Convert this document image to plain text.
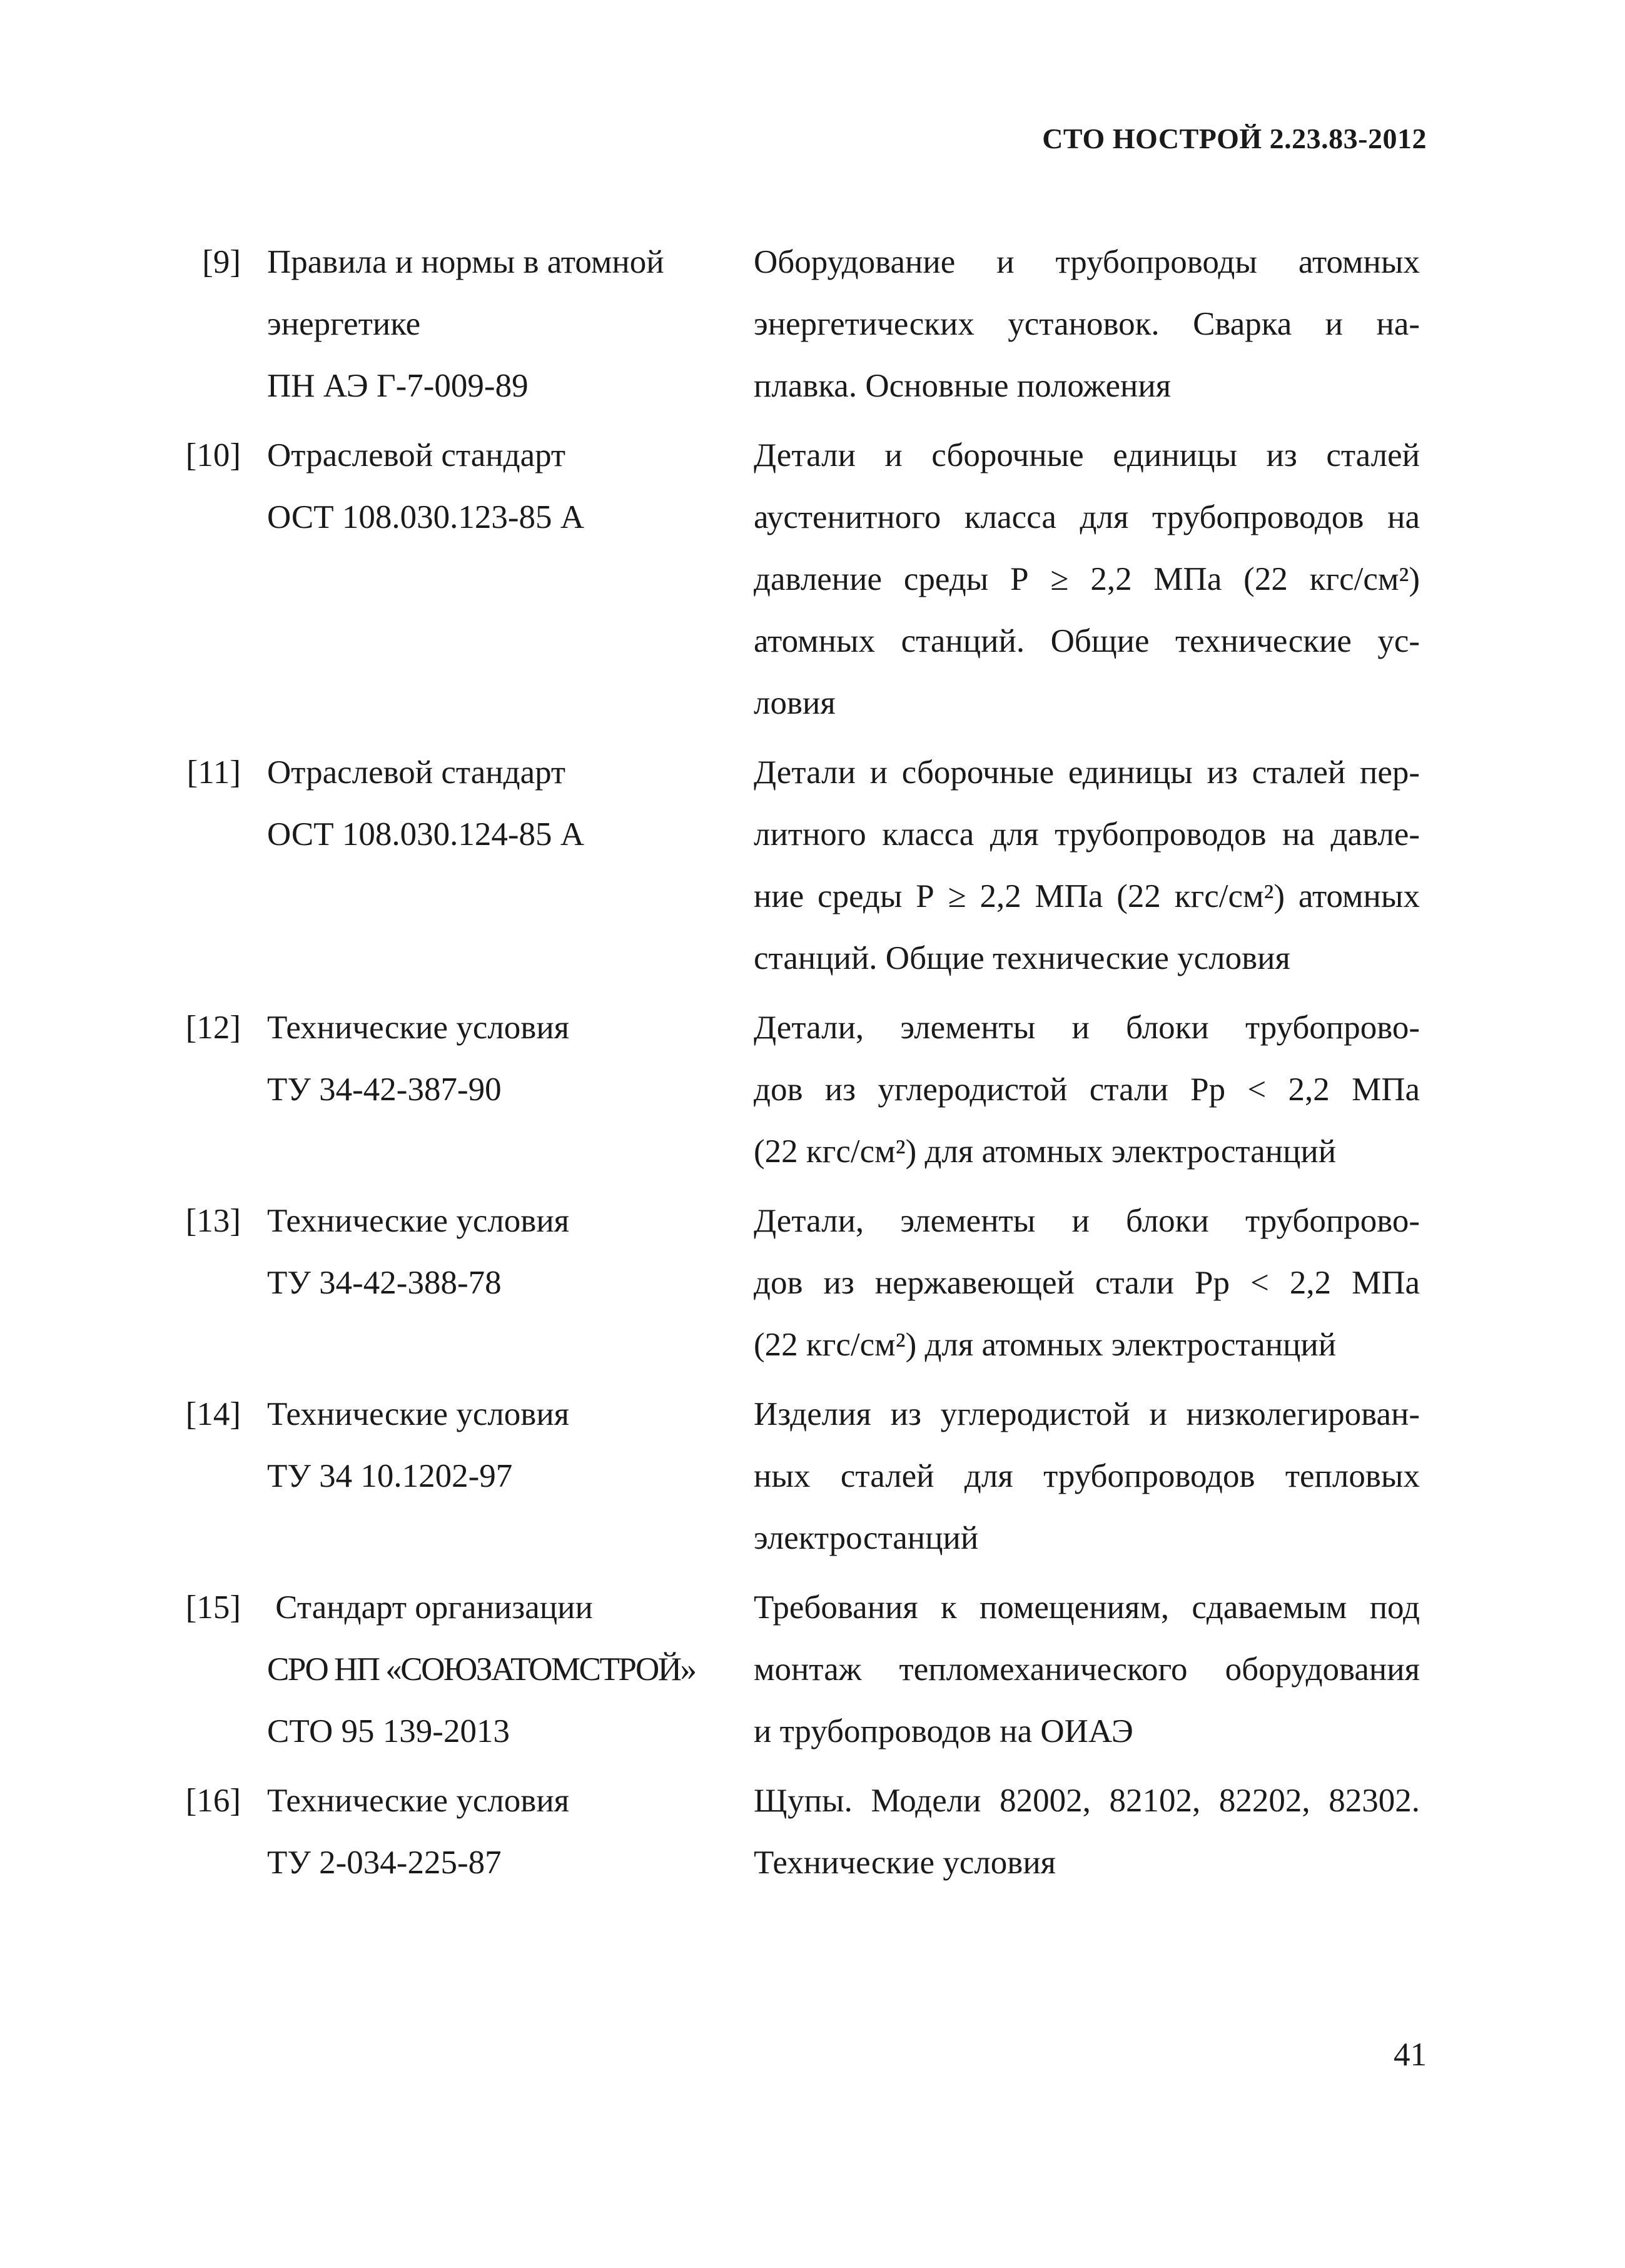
СТО НОСТРОЙ 2.23.83-2012
[9] Правила и нормы в атомной
энергетике
ПН АЭ Г-7-009-89
Оборудование и трубопроводы атомных
энергетических установок. Сварка и на-
плавка. Основные положения
[10] Отраслевой стандарт
ОСТ 108.030.123-85 А
Детали и сборочные единицы из сталей
аустенитного класса для трубопроводов на
давление среды Р ≥ 2,2 МПа (22 кгс/см²)
атомных станций. Общие технические ус-
ловия
[11] Отраслевой стандарт
ОСТ 108.030.124-85 А
Детали и сборочные единицы из сталей пер-
литного класса для трубопроводов на давле-
ние среды Р ≥ 2,2 МПа (22 кгс/см²) атомных
станций. Общие технические условия
[12] Технические условия
ТУ 34-42-387-90
Детали, элементы и блоки трубопрово-
дов из углеродистой стали Рр < 2,2 МПа
(22 кгс/см²) для атомных электростанций
[13] Технические условия
ТУ 34-42-388-78
Детали, элементы и блоки трубопрово-
дов из нержавеющей стали Рр < 2,2 МПа
(22 кгс/см²) для атомных электростанций
[14] Технические условия
ТУ 34 10.1202-97
Изделия из углеродистой и низколегирован-
ных сталей для трубопроводов тепловых
электростанций
[15] Стандарт организации
СРО НП «СОЮЗАТОМСТРОЙ»
СТО 95 139-2013
Требования к помещениям, сдаваемым под
монтаж тепломеханического оборудования
и трубопроводов на ОИАЭ
[16] Технические условия
ТУ 2-034-225-87
Щупы. Модели 82002, 82102, 82202, 82302.
Технические условия
41
